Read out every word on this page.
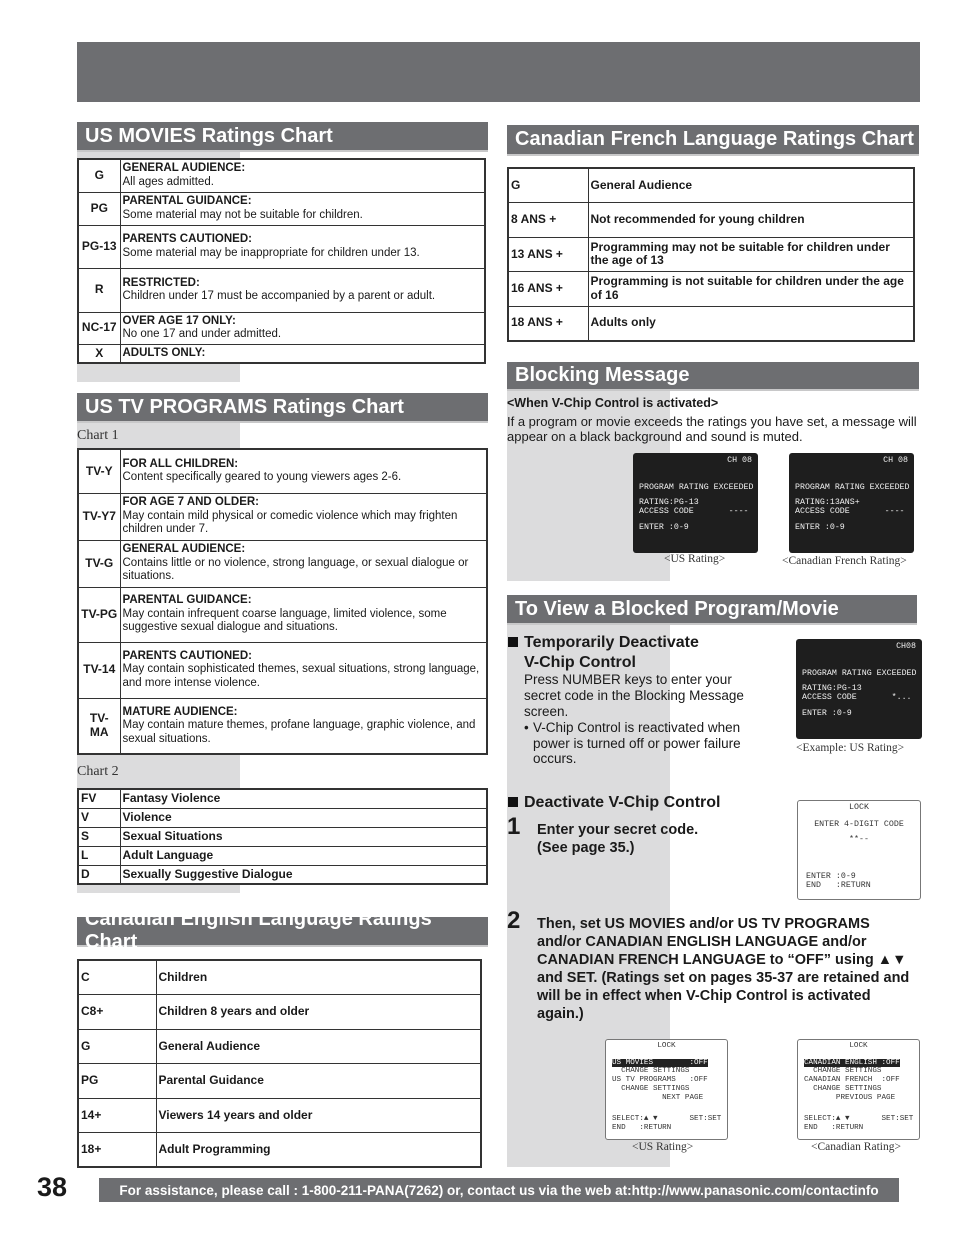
US MOVIES Ratings Chart
G	GENERAL AUDIENCE:
All ages admitted.
PG	PARENTAL GUIDANCE:
Some material may not be suitable for children.
PG-13	PARENTS CAUTIONED:
Some material may be inappropriate for children under 13.
R	RESTRICTED:
Children under 17 must be accompanied by a parent or adult.
NC-17	OVER AGE 17 ONLY:
No one 17 and under admitted.
X	ADULTS ONLY:
US TV PROGRAMS Ratings Chart
Chart 1
TV-Y	FOR ALL CHILDREN:
Content specifically geared to young viewers ages 2-6.
TV-Y7	FOR AGE 7 AND OLDER:
May contain mild physical or comedic violence which may frighten children under 7.
TV-G	GENERAL AUDIENCE:
Contains little or no violence, strong language, or sexual dialogue or situations.
TV-PG	PARENTAL GUIDANCE:
May contain infrequent coarse language, limited violence, some suggestive sexual dialogue and situations.
TV-14	PARENTS CAUTIONED:
May contain sophisticated themes, sexual situations, strong language, and more intense violence.
TV-MA	MATURE AUDIENCE:
May contain mature themes, profane language, graphic violence, and sexual situations.
Chart 2
FV	Fantasy Violence
V	Violence
S	Sexual Situations
L	Adult Language
D	Sexually Suggestive Dialogue
Canadian English Language Ratings Chart
C	Children
C8+	Children 8 years and older
G	General Audience
PG	Parental Guidance
14+	Viewers 14 years and older
18+	Adult Programming
Canadian French Language Ratings Chart
G	General Audience
8 ANS +	Not recommended for young children
13 ANS +	Programming may not be suitable for children under the age of 13
16 ANS +	Programming is not suitable for children under the age of 16
18 ANS +	Adults only
Blocking Message
<When V-Chip Control is activated>
If a program or movie exceeds the ratings you have set, a message will appear on a black background and sound is muted.
CH 08
PROGRAM RATING EXCEEDED
RATING:PG-13
ACCESS CODE       ----
ENTER :0-9
<US Rating>
CH 08
PROGRAM RATING EXCEEDED
RATING:13ANS+
ACCESS CODE       ----
ENTER :0-9
<Canadian French Rating>
To View a Blocked Program/Movie
Temporarily Deactivate
V-Chip Control
Press NUMBER keys to enter your secret code in the Blocking Message screen.
• V-Chip Control is reactivated when power is turned off or power failure occurs.
CH08
PROGRAM RATING EXCEEDED
RATING:PG-13
ACCESS CODE       *...
ENTER :0-9
<Example: US Rating>
Deactivate V-Chip Control
1 Enter your secret code.
(See page 35.)
LOCK
ENTER 4-DIGIT CODE
**--
ENTER :0-9
END   :RETURN
2 Then, set US MOVIES and/or US TV PROGRAMS and/or CANADIAN ENGLISH LANGUAGE and/or CANADIAN FRENCH LANGUAGE to “OFF” using ▲▼ and SET. (Ratings set on pages 35-37 are retained and will be in effect when V-Chip Control is activated again.)
LOCK
US MOVIES        :OFF
CHANGE SETTINGS
US TV PROGRAMS   :OFF
CHANGE SETTINGS
NEXT PAGE
SELECT:▲ ▼       SET:SET
END   :RETURN
<US Rating>
LOCK
CANADIAN ENGLISH :OFF
CHANGE SETTINGS
CANADIAN FRENCH  :OFF
CHANGE SETTINGS
PREVIOUS PAGE
SELECT:▲ ▼       SET:SET
END   :RETURN
<Canadian Rating>
38	For assistance, please call : 1-800-211-PANA(7262) or, contact us via the web at:http://www.panasonic.com/contactinfo
